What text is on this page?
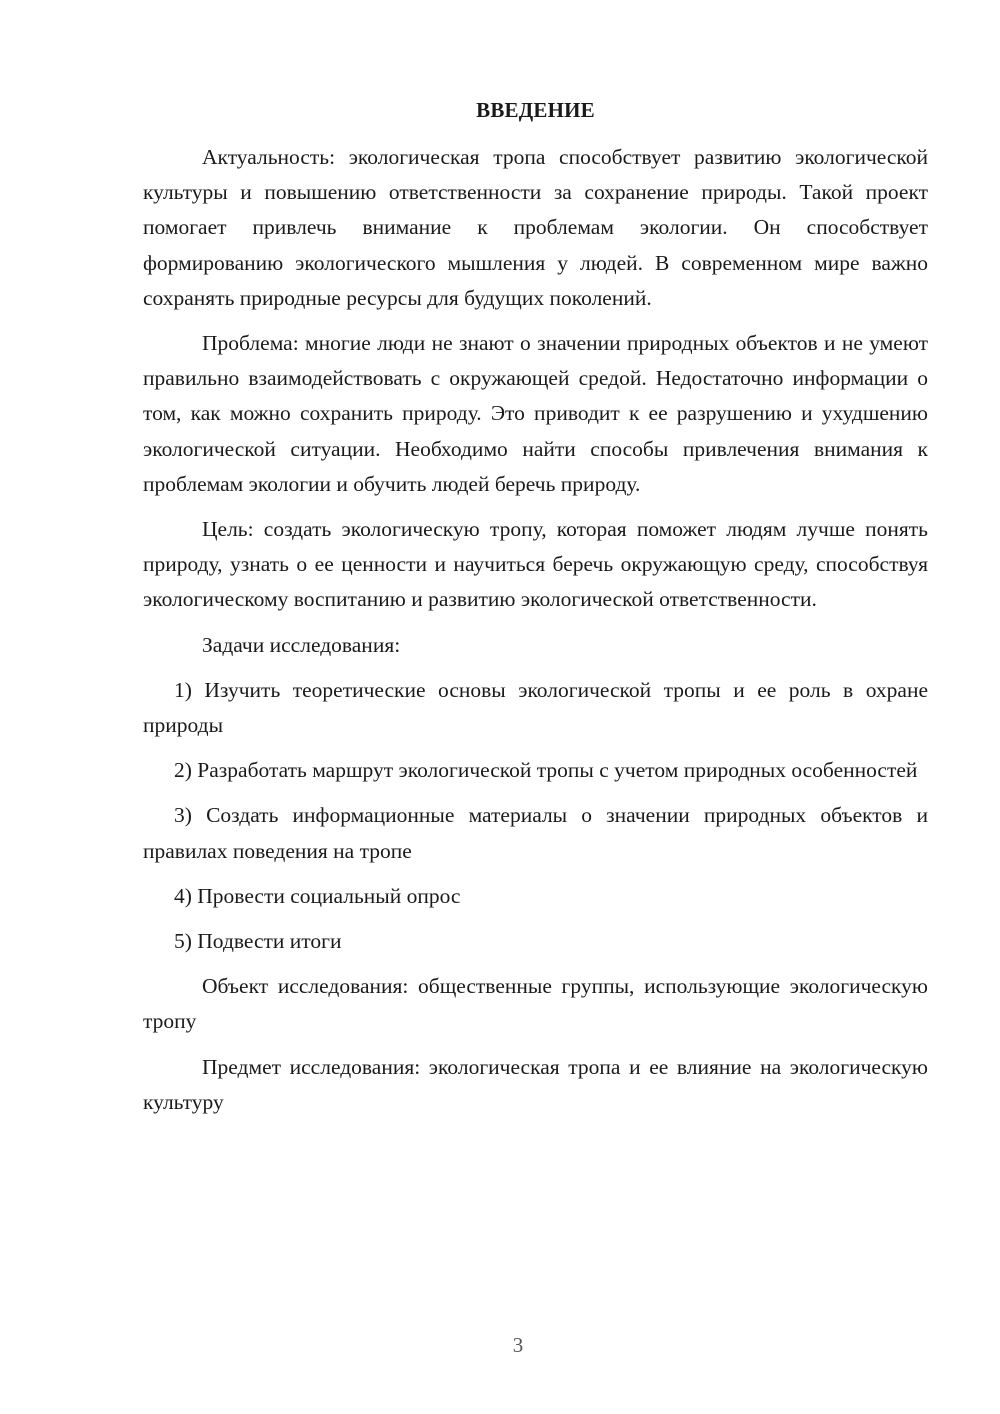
ВВЕДЕНИЕ

Актуальность: экологическая тропа способствует развитию экологической культуры и повышению ответственности за сохранение природы. Такой проект помогает привлечь внимание к проблемам экологии. Он способствует формированию экологического мышления у людей. В современном мире важно сохранять природные ресурсы для будущих поколений.

Проблема: многие люди не знают о значении природных объектов и не умеют правильно взаимодействовать с окружающей средой. Недостаточно информации о том, как можно сохранить природу. Это приводит к ее разрушению и ухудшению экологической ситуации. Необходимо найти способы привлечения внимания к проблемам экологии и обучить людей беречь природу.

Цель: создать экологическую тропу, которая поможет людям лучше понять природу, узнать о ее ценности и научиться беречь окружающую среду, способствуя экологическому воспитанию и развитию экологической ответственности.

Задачи исследования:

1) Изучить теоретические основы экологической тропы и ее роль в охране природы

2) Разработать маршрут экологической тропы с учетом природных особенностей

3) Создать информационные материалы о значении природных объектов и правилах поведения на тропе

4) Провести социальный опрос

5) Подвести итоги

Объект исследования: общественные группы, использующие экологическую тропу

Предмет исследования: экологическая тропа и ее влияние на экологическую культуру

3
